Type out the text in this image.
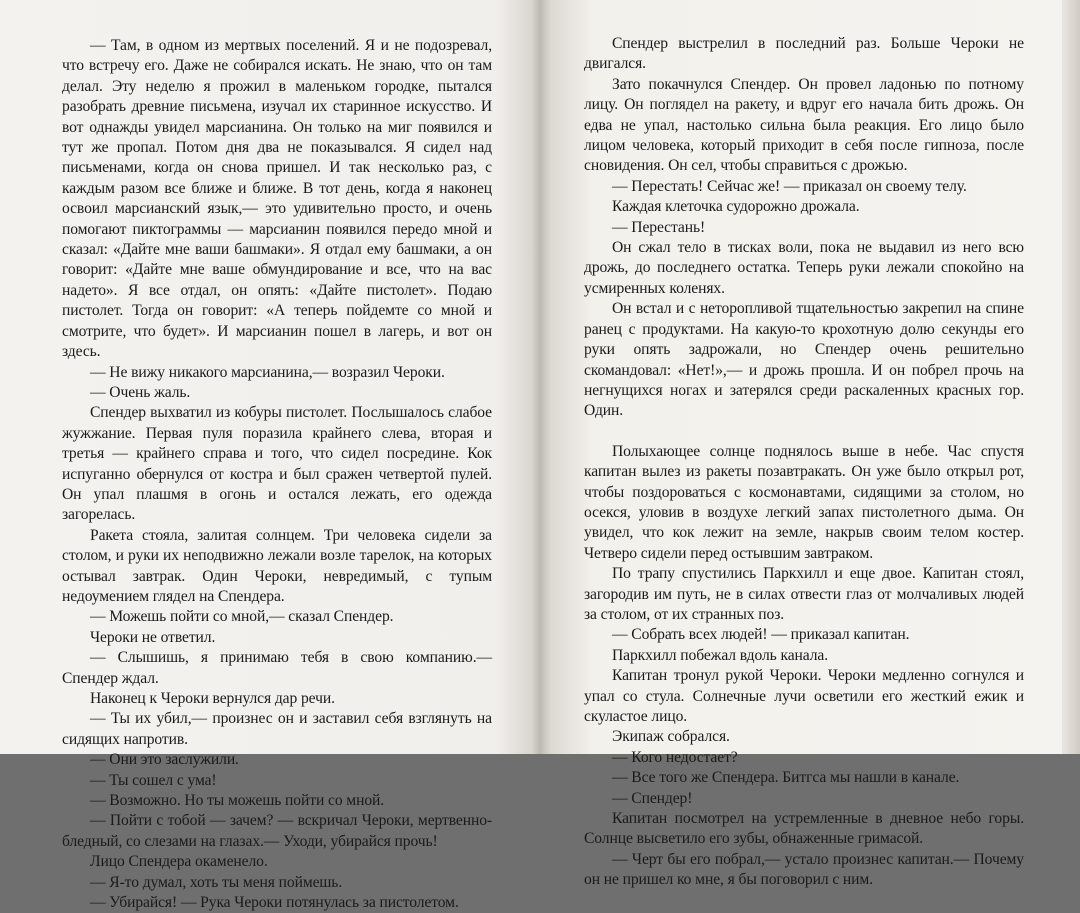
— Там, в одном из мертвых поселений. Я и не подозревал, что встречу его. Даже не собирался искать. Не знаю, что он там делал. Эту неделю я прожил в маленьком городке, пытался разобрать древние письмена, изучал их старинное искусство. И вот однажды увидел марсианина. Он только на миг появился и тут же пропал. Потом дня два не показывался. Я сидел над письменами, когда он снова пришел. И так несколько раз, с каждым разом все ближе и ближе. В тот день, когда я наконец освоил марсианский язык,— это удивительно просто, и очень помогают пиктограммы — марсианин появился передо мной и сказал: «Дайте мне ваши башмаки». Я отдал ему башмаки, а он говорит: «Дайте мне ваше обмундирование и все, что на вас надето». Я все отдал, он опять: «Дайте пистолет». Подаю пистолет. Тогда он говорит: «А теперь пойдемте со мной и смотрите, что будет». И марсианин пошел в лагерь, и вот он здесь.

— Не вижу никакого марсианина,— возразил Чероки.

— Очень жаль.

Спендер выхватил из кобуры пистолет. Послышалось слабое жужжание. Первая пуля поразила крайнего слева, вторая и третья — крайнего справа и того, что сидел посредине. Кок испуганно обернулся от костра и был сражен четвертой пулей. Он упал плашмя в огонь и остался лежать, его одежда загорелась.

Ракета стояла, залитая солнцем. Три человека сидели за столом, и руки их неподвижно лежали возле тарелок, на которых остывал завтрак. Один Чероки, невредимый, с тупым недоумением глядел на Спендера.

— Можешь пойти со мной,— сказал Спендер.

Чероки не ответил.

— Слышишь, я принимаю тебя в свою компанию.— Спендер ждал.

Наконец к Чероки вернулся дар речи.

— Ты их убил,— произнес он и заставил себя взглянуть на сидящих напротив.

— Они это заслужили.

— Ты сошел с ума!

— Возможно. Но ты можешь пойти со мной.

— Пойти с тобой — зачем? — вскричал Чероки, мертвенно-бледный, со слезами на глазах.— Уходи, убирайся прочь!

Лицо Спендера окаменело.

— Я-то думал, хоть ты меня поймешь.

— Убирайся! — Рука Чероки потянулась за пистолетом.

Спендер выстрелил в последний раз. Больше Чероки не двигался.

Зато покачнулся Спендер. Он провел ладонью по потному лицу. Он поглядел на ракету, и вдруг его начала бить дрожь. Он едва не упал, настолько сильна была реакция. Его лицо было лицом человека, который приходит в себя после гипноза, после сновидения. Он сел, чтобы справиться с дрожью.

— Перестать! Сейчас же! — приказал он своему телу.

Каждая клеточка судорожно дрожала.

— Перестань!

Он сжал тело в тисках воли, пока не выдавил из него всю дрожь, до последнего остатка. Теперь руки лежали спокойно на усмиренных коленях.

Он встал и с неторопливой тщательностью закрепил на спине ранец с продуктами. На какую-то крохотную долю секунды его руки опять задрожали, но Спендер очень решительно скомандовал: «Нет!»,— и дрожь прошла. И он побрел прочь на негнущихся ногах и затерялся среди раскаленных красных гор. Один.

Полыхающее солнце поднялось выше в небе. Час спустя капитан вылез из ракеты позавтракать. Он уже было открыл рот, чтобы поздороваться с космонавтами, сидящими за столом, но осекся, уловив в воздухе легкий запах пистолетного дыма. Он увидел, что кок лежит на земле, накрыв своим телом костер. Четверо сидели перед остывшим завтраком.

По трапу спустились Паркхилл и еще двое. Капитан стоял, загородив им путь, не в силах отвести глаз от молчаливых людей за столом, от их странных поз.

— Собрать всех людей! — приказал капитан.

Паркхилл побежал вдоль канала.

Капитан тронул рукой Чероки. Чероки медленно согнулся и упал со стула. Солнечные лучи осветили его жесткий ежик и скуластое лицо.

Экипаж собрался.

— Кого недостает?

— Все того же Спендера. Битгса мы нашли в канале.

— Спендер!

Капитан посмотрел на устремленные в дневное небо горы. Солнце высветило его зубы, обнаженные гримасой.

— Черт бы его побрал,— устало произнес капитан.— Почему он не пришел ко мне, я бы поговорил с ним.
